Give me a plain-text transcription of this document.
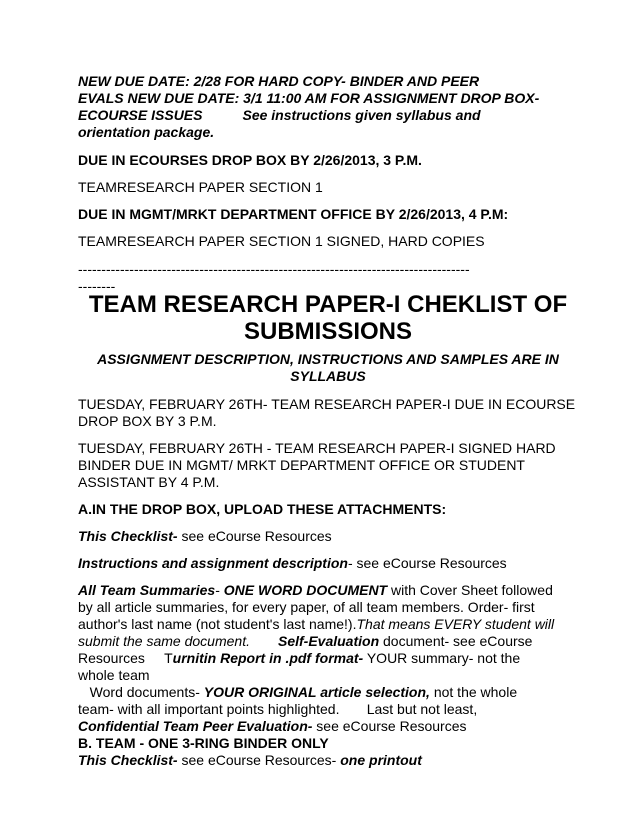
NEW DUE DATE: 2/28 FOR HARD COPY- BINDER AND PEER
EVALS NEW DUE DATE: 3/1 11:00 AM FOR ASSIGNMENT DROP BOX-
ECOURSE ISSUES	See instructions given syllabus and
orientation package.
DUE IN ECOURSES DROP BOX BY 2/26/2013, 3 P.M.
TEAMRESEARCH PAPER SECTION 1
DUE IN MGMT/MRKT DEPARTMENT OFFICE BY 2/26/2013, 4 P.M:
TEAMRESEARCH PAPER SECTION 1 SIGNED, HARD COPIES
------------------------------------------------------------------------------------
--------
TEAM RESEARCH PAPER-I CHEKLIST OF
SUBMISSIONS
ASSIGNMENT DESCRIPTION, INSTRUCTIONS AND SAMPLES ARE IN
SYLLABUS
TUESDAY, FEBRUARY 26TH- TEAM RESEARCH PAPER-I DUE IN ECOURSE
DROP BOX BY 3 P.M.
TUESDAY, FEBRUARY 26TH - TEAM RESEARCH PAPER-I SIGNED HARD
BINDER DUE IN MGMT/ MRKT DEPARTMENT OFFICE OR STUDENT
ASSISTANT BY 4 P.M.
A.IN THE DROP BOX, UPLOAD THESE ATTACHMENTS:
This Checklist- see eCourse Resources
Instructions and assignment description- see eCourse Resources
All Team Summaries- ONE WORD DOCUMENT with Cover Sheet followed
by all article summaries, for every paper, of all team members. Order- first
author's last name (not student's last name!).That means EVERY student will
submit the same document. Self-Evaluation document- see eCourse
Resources     Turnitin Report in .pdf format- YOUR summary- not the
whole team
Word documents- YOUR ORIGINAL article selection, not the whole
team- with all important points highlighted.       Last but not least,
Confidential Team Peer Evaluation- see eCourse Resources
B. TEAM - ONE 3-RING BINDER ONLY
This Checklist- see eCourse Resources- one printout
